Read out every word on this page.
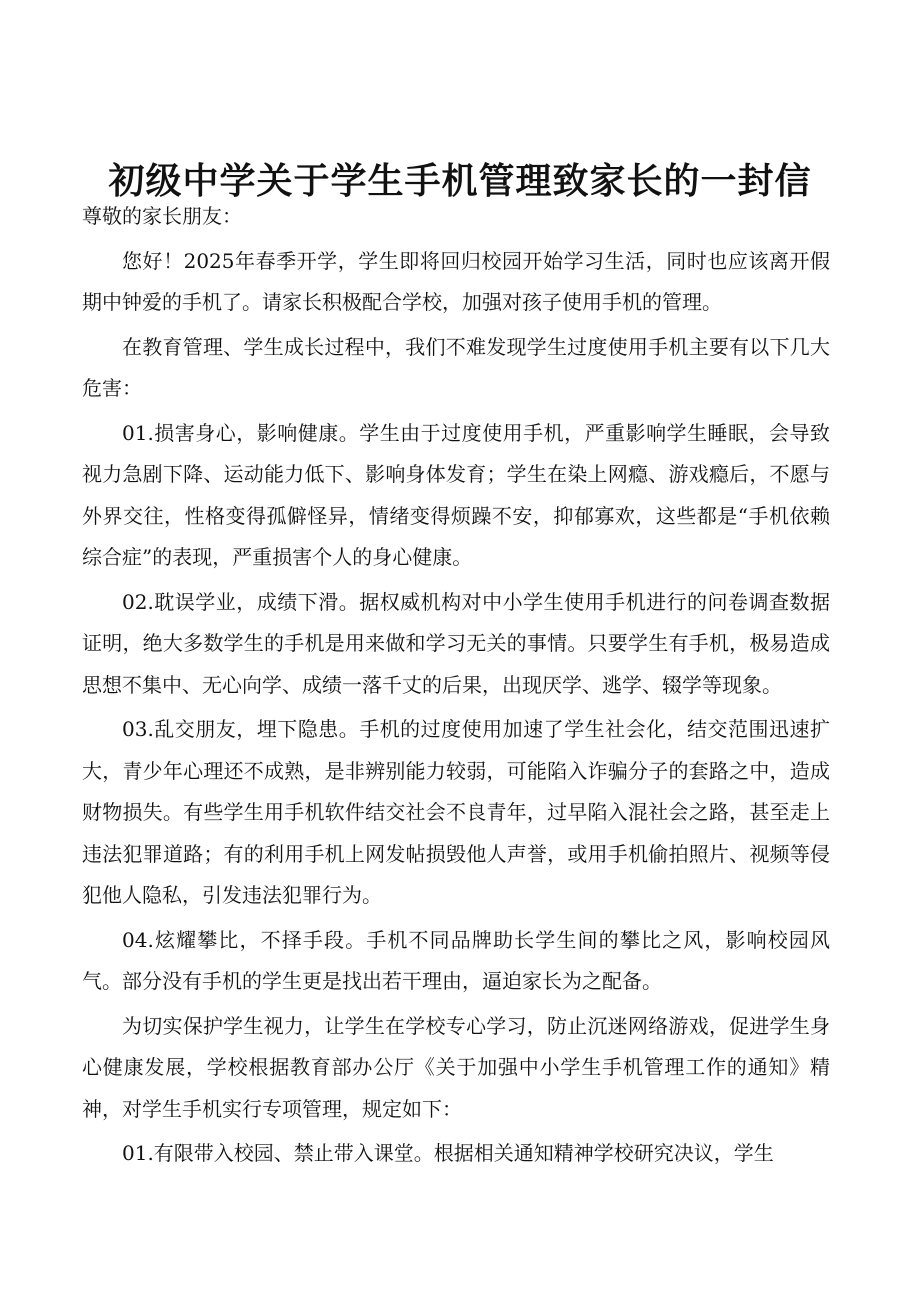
初级中学关于学生手机管理致家长的一封信

尊敬的家长朋友：

您好！2025年春季开学，学生即将回归校园开始学习生活，同时也应该离开假期中钟爱的手机了。请家长积极配合学校，加强对孩子使用手机的管理。

在教育管理、学生成长过程中，我们不难发现学生过度使用手机主要有以下几大危害：

01.损害身心，影响健康。学生由于过度使用手机，严重影响学生睡眠，会导致视力急剧下降、运动能力低下、影响身体发育；学生在染上网瘾、游戏瘾后，不愿与外界交往，性格变得孤僻怪异，情绪变得烦躁不安，抑郁寡欢，这些都是“手机依赖综合症”的表现，严重损害个人的身心健康。

02.耽误学业，成绩下滑。据权威机构对中小学生使用手机进行的问卷调查数据证明，绝大多数学生的手机是用来做和学习无关的事情。只要学生有手机，极易造成思想不集中、无心向学、成绩一落千丈的后果，出现厌学、逃学、辍学等现象。

03.乱交朋友，埋下隐患。手机的过度使用加速了学生社会化，结交范围迅速扩大，青少年心理还不成熟，是非辨别能力较弱，可能陷入诈骗分子的套路之中，造成财物损失。有些学生用手机软件结交社会不良青年，过早陷入混社会之路，甚至走上违法犯罪道路；有的利用手机上网发帖损毁他人声誉，或用手机偷拍照片、视频等侵犯他人隐私，引发违法犯罪行为。

04.炫耀攀比，不择手段。手机不同品牌助长学生间的攀比之风，影响校园风气。部分没有手机的学生更是找出若干理由，逼迫家长为之配备。

为切实保护学生视力，让学生在学校专心学习，防止沉迷网络游戏，促进学生身心健康发展，学校根据教育部办公厅《关于加强中小学生手机管理工作的通知》精神，对学生手机实行专项管理，规定如下：

01.有限带入校园、禁止带入课堂。根据相关通知精神学校研究决议，学生
